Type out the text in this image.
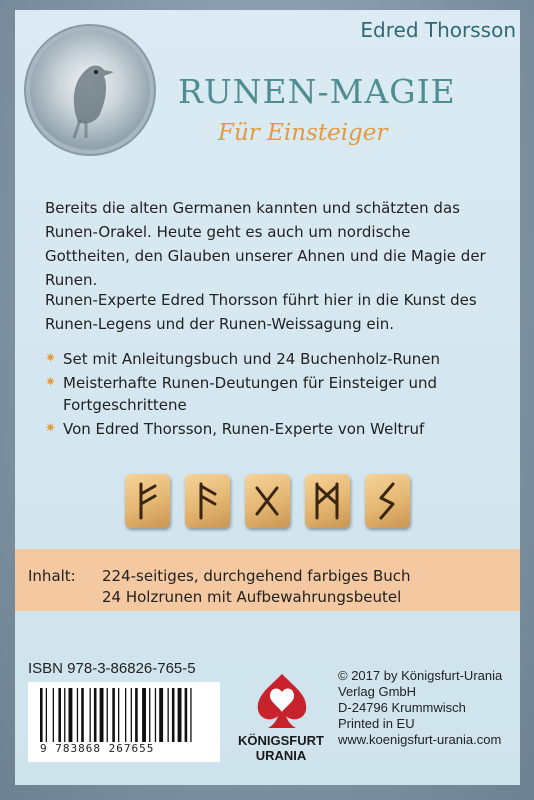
Edred Thorsson
RUNEN-MAGIE
Für Einsteiger
Bereits die alten Germanen kannten und schätzten das Runen-Orakel. Heute geht es auch um nordische Gottheiten, den Glauben unserer Ahnen und die Magie der Runen.
Runen-Experte Edred Thorsson führt hier in die Kunst des Runen-Legens und der Runen-Weissagung ein.
✷ Set mit Anleitungsbuch und 24 Buchenholz-Runen
✷ Meisterhafte Runen-Deutungen für Einsteiger und Fortgeschrittene
✷ Von Edred Thorsson, Runen-Experte von Weltruf
Inhalt: 224-seitiges, durchgehend farbiges Buch
24 Holzrunen mit Aufbewahrungsbeutel
ISBN 978-3-86826-765-5
9 783868 267655
KÖNIGSFURT
URANIA
© 2017 by Königsfurt-Urania
Verlag GmbH
D-24796 Krummwisch
Printed in EU
www.koenigsfurt-urania.com
